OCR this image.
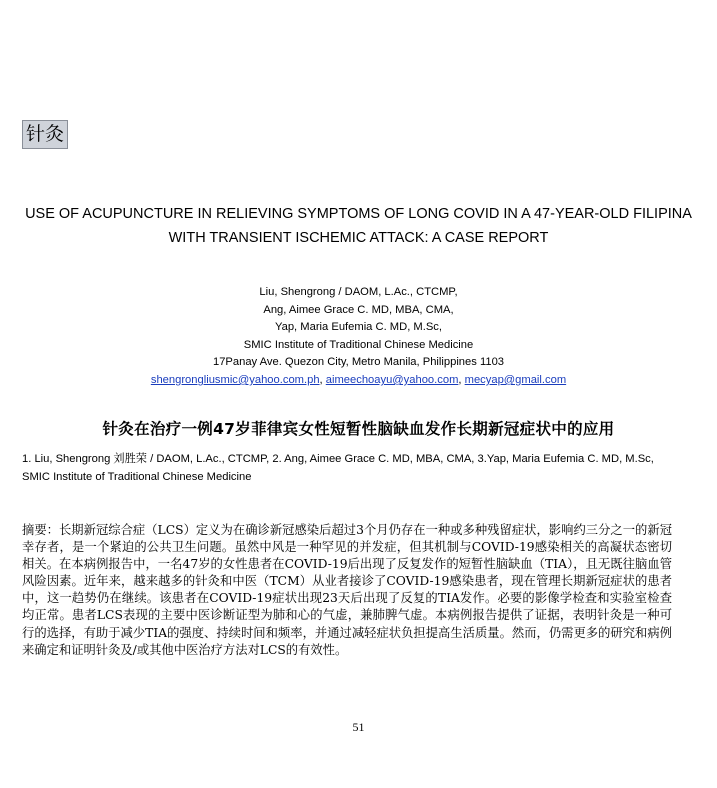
针灸
USE OF ACUPUNCTURE IN RELIEVING SYMPTOMS OF LONG COVID IN A 47-YEAR-OLD FILIPINA
WITH TRANSIENT ISCHEMIC ATTACK: A CASE REPORT
Liu, Shengrong / DAOM, L.Ac., CTCMP,
Ang, Aimee Grace C. MD, MBA, CMA,
Yap, Maria Eufemia C. MD, M.Sc,
SMIC Institute of Traditional Chinese Medicine
17Panay Ave. Quezon City, Metro Manila, Philippines 1103
shengrongliusmic@yahoo.com.ph, aimeechoayu@yahoo.com, mecyap@gmail.com
针灸在治疗一例47岁菲律宾女性短暂性脑缺血发作长期新冠症状中的应用
1. Liu, Shengrong 刘胜荣 / DAOM, L.Ac., CTCMP, 2. Ang, Aimee Grace C. MD, MBA, CMA, 3.Yap, Maria Eufemia C. MD, M.Sc,
SMIC Institute of Traditional Chinese Medicine
摘要：长期新冠综合症（LCS）定义为在确诊新冠感染后超过3个月仍存在一种或多种残留症状，影响约三分之一的新冠幸存者，是一个紧迫的公共卫生问题。虽然中风是一种罕见的并发症，但其机制与COVID-19感染相关的高凝状态密切相关。在本病例报告中，一名47岁的女性患者在COVID-19后出现了反复发作的短暂性脑缺血（TIA），且无既往脑血管风险因素。近年来，越来越多的针灸和中医（TCM）从业者接诊了COVID-19感染患者，现在管理长期新冠症状的患者中，这一趋势仍在继续。该患者在COVID-19症状出现23天后出现了反复的TIA发作。必要的影像学检查和实验室检查均正常。患者LCS表现的主要中医诊断证型为肺和心的气虚，兼肺脾气虚。本病例报告提供了证据，表明针灸是一种可行的选择，有助于减少TIA的强度、持续时间和频率，并通过减轻症状负担提高生活质量。然而，仍需更多的研究和病例来确定和证明针灸及/或其他中医治疗方法对LCS的有效性。
51
